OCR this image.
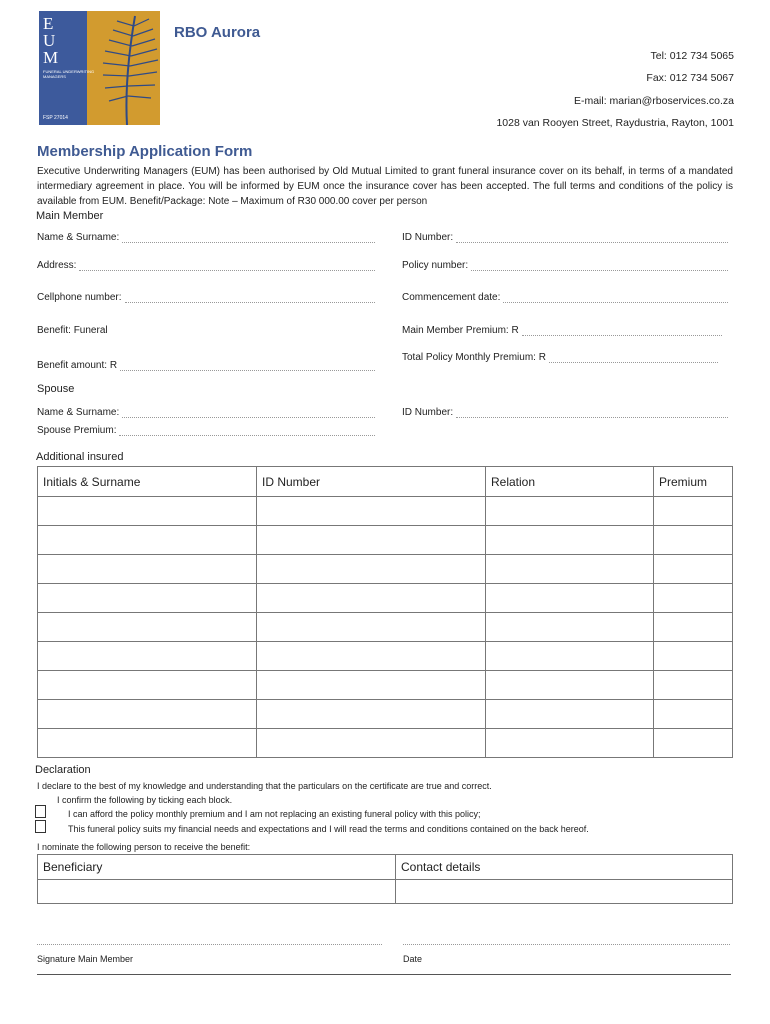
E
U
M
FUNERAL UNDERWRITING MANAGERS
FSP 27014
RBO Aurora
Tel: 012 734 5065
Fax: 012 734 5067
E-mail: marian@rboservices.co.za
1028 van Rooyen Street, Raydustria, Rayton, 1001
Membership Application Form
Executive Underwriting Managers (EUM) has been authorised by Old Mutual Limited to grant funeral insurance cover on its behalf, in terms of a mandated intermediary agreement in place. You will be informed by EUM once the insurance cover has been accepted. The full terms and conditions of the policy is available from EUM. Benefit/Package: Note – Maximum of R30 000.00 cover per person
Main Member
Name & Surname:	ID Number:
Address:	Policy number:
Cellphone number:	Commencement date:
Benefit: Funeral	Main Member Premium: R
Total Policy Monthly Premium: R
Benefit amount: R
Spouse
Name & Surname:	ID Number:
Spouse Premium:
Additional insured
Initials & Surname	ID Number	Relation	Premium

Declaration
I declare to the best of my knowledge and understanding that the particulars on the certificate are true and correct.
I confirm the following by ticking each block.
I can afford the policy monthly premium and I am not replacing an existing funeral policy with this policy;
This funeral policy suits my financial needs and expectations and I will read the terms and conditions contained on the back hereof.
I nominate the following person to receive the benefit:
Beneficiary	Contact details

Signature Main Member	Date
